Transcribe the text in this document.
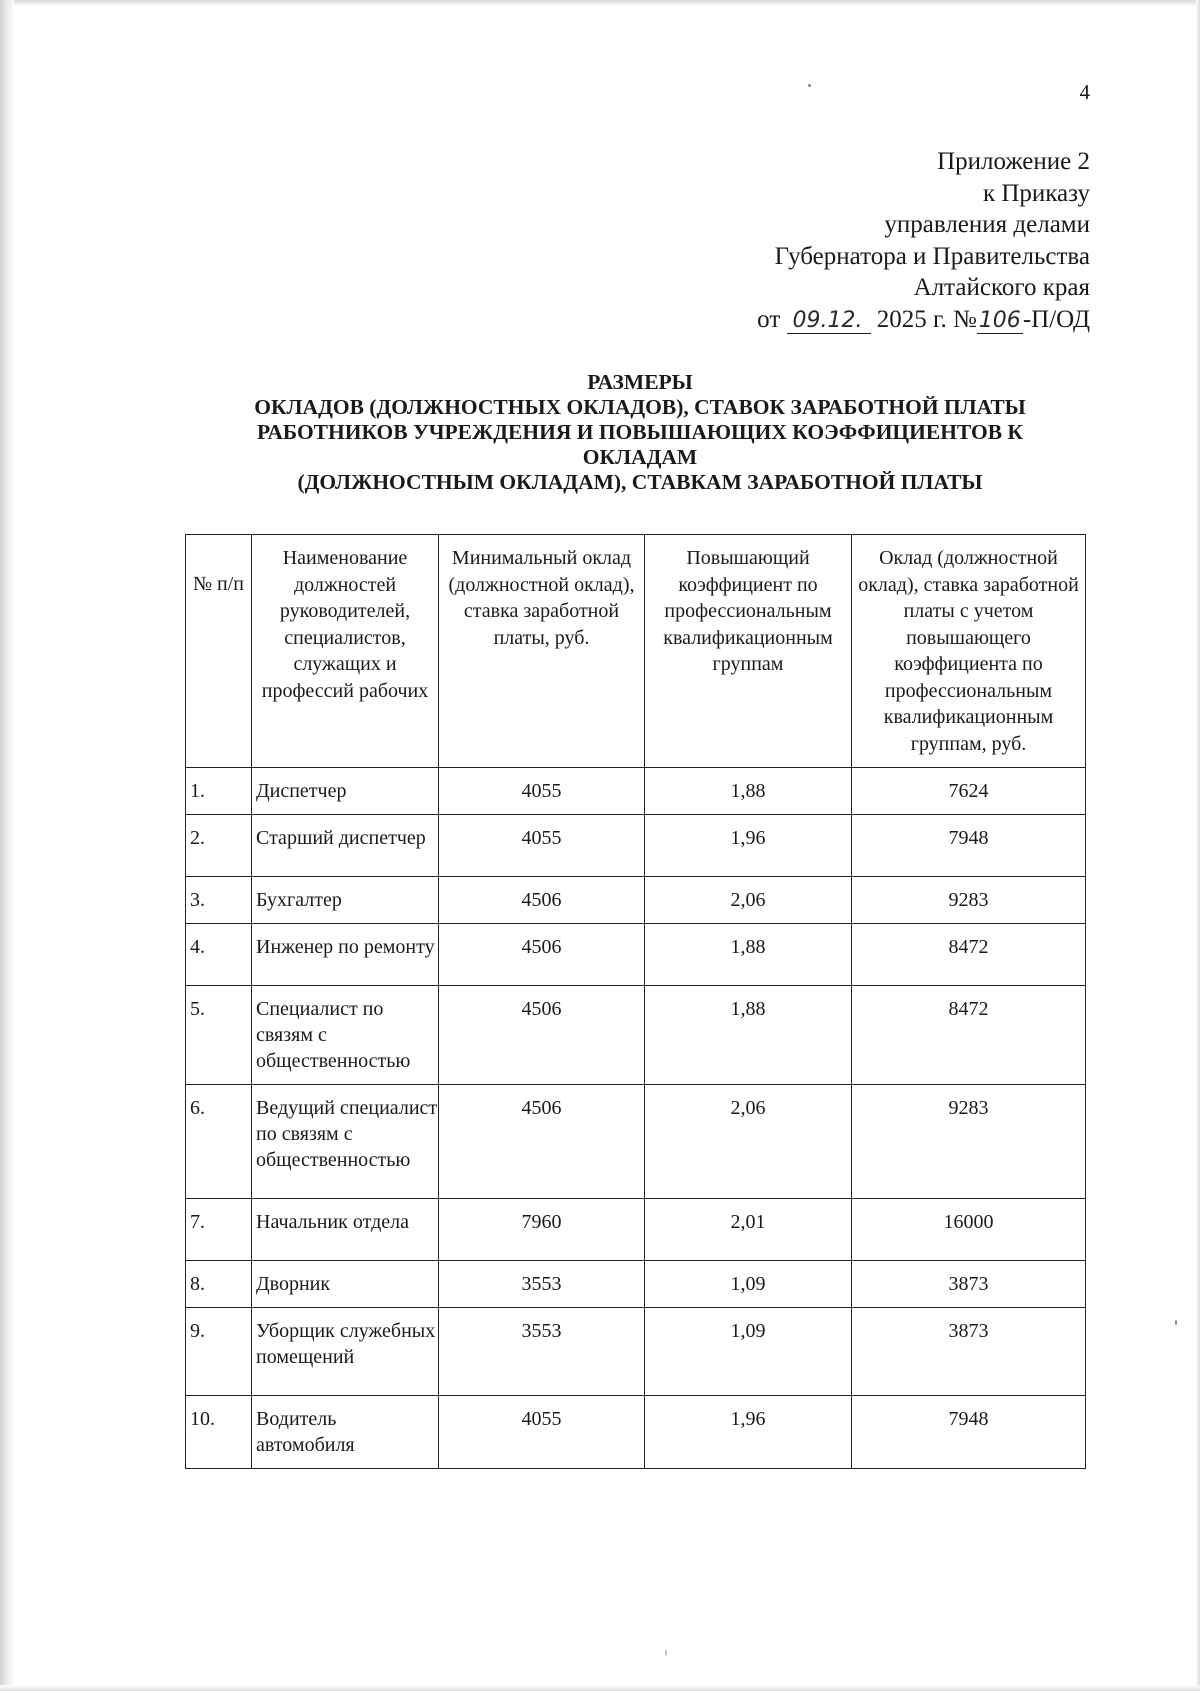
4
Приложение 2
к Приказу
управления делами
Губернатора и Правительства
Алтайского края
от 09.12. 2025 г. №106-П/ОД
РАЗМЕРЫ
ОКЛАДОВ (ДОЛЖНОСТНЫХ ОКЛАДОВ), СТАВОК ЗАРАБОТНОЙ ПЛАТЫ
РАБОТНИКОВ УЧРЕЖДЕНИЯ И ПОВЫШАЮЩИХ КОЭФФИЦИЕНТОВ К
ОКЛАДАМ
(ДОЛЖНОСТНЫМ ОКЛАДАМ), СТАВКАМ ЗАРАБОТНОЙ ПЛАТЫ
№ п/п	Наименование должностей руководителей, специалистов, служащих и профессий рабочих	Минимальный оклад (должностной оклад), ставка заработной платы, руб.	Повышающий коэффициент по профессиональным квалификационным группам	Оклад (должностной оклад), ставка заработной платы с учетом повышающего коэффициента по профессиональным квалификационным группам, руб.
1.	Диспетчер	4055	1,88	7624
2.	Старший диспетчер	4055	1,96	7948
3.	Бухгалтер	4506	2,06	9283
4.	Инженер по ремонту	4506	1,88	8472
5.	Специалист по связям с общественностью	4506	1,88	8472
6.	Ведущий специалист по связям с общественностью	4506	2,06	9283
7.	Начальник отдела	7960	2,01	16000
8.	Дворник	3553	1,09	3873
9.	Уборщик служебных помещений	3553	1,09	3873
10.	Водитель автомобиля	4055	1,96	7948
